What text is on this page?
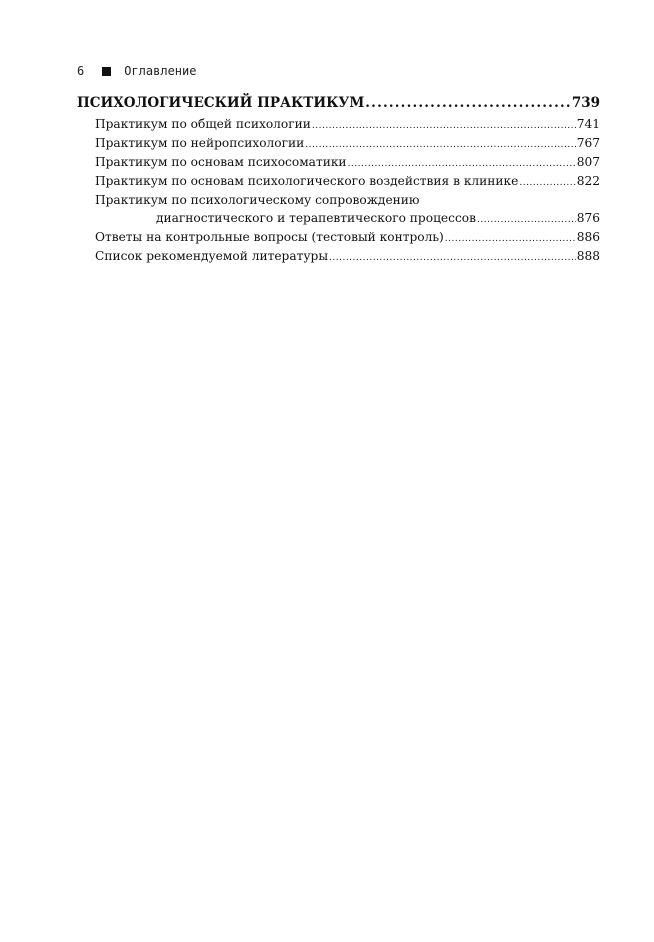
6	Оглавление
ПСИХОЛОГИЧЕСКИЙ ПРАКТИКУМ .....	739
Практикум по общей психологии .....	741
Практикум по нейропсихологии .....	767
Практикум по основам психосоматики .....	807
Практикум по основам психологического воздействия в клинике .....	822
Практикум по психологическому сопровождению
диагностического и терапевтического процессов .....	876
Ответы на контрольные вопросы (тестовый контроль) .....	886
Список рекомендуемой литературы .....	888
